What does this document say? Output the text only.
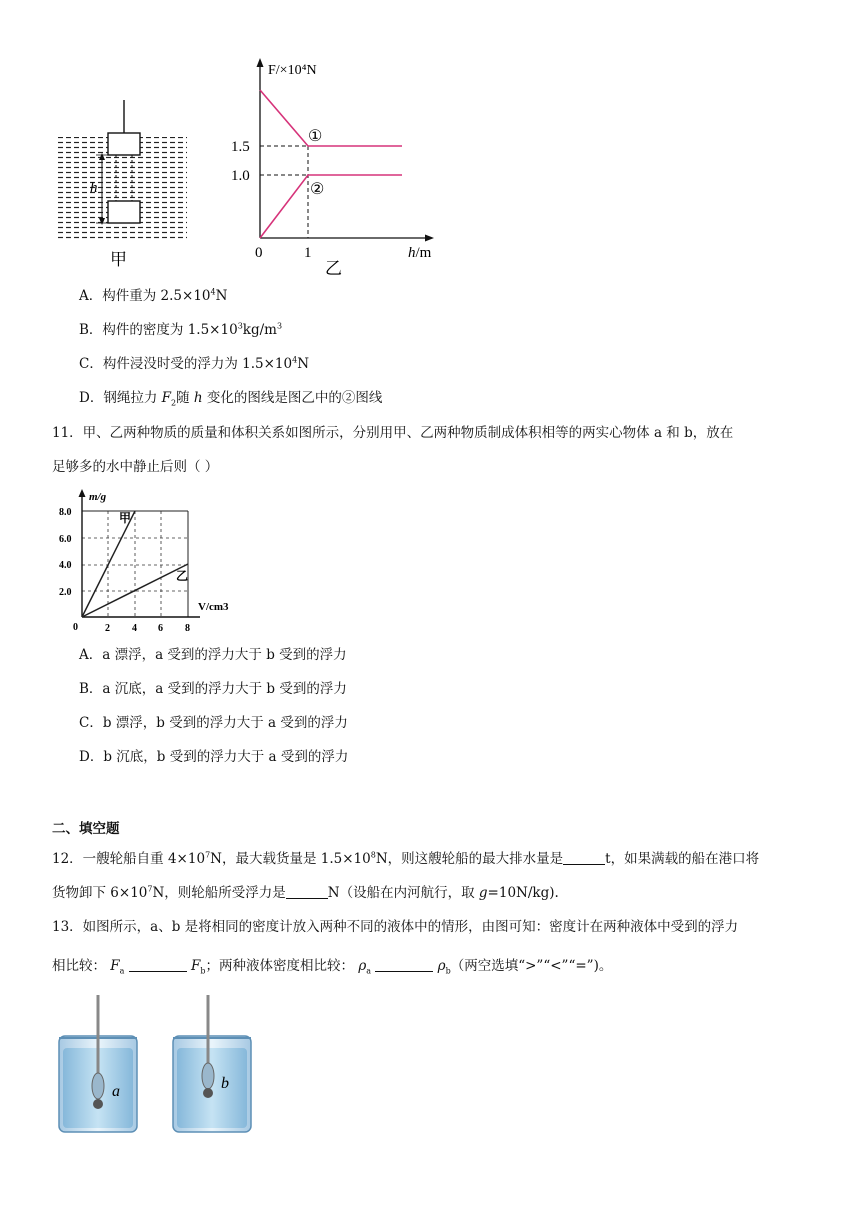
h
甲
F/×10⁴N
1.5
1.0
0	1	h/m
①
②
乙
A．构件重为 $2.5\times 10^4N$
B．构件的密度为 $1.5\times 10^3kg/m^3$
C．构件浸没时受的浮力为 $1.5\times 10^4N$
D．钢绳拉力 $F_2$随 h 变化的图线是图乙中的②图线
11．甲、乙两种物质的质量和体积关系如图所示，分别用甲、乙两种物质制成体积相等的两实心物体 a 和 b，放在
足够多的水中静止后则（ ）
m/g
8.0
6.0
4.0
2.0
0	2 4 6 8
V/cm3
甲
乙
A．a 漂浮，a 受到的浮力大于 b 受到的浮力
B．a 沉底，a 受到的浮力大于 b 受到的浮力
C．b 漂浮，b 受到的浮力大于 a 受到的浮力
D．b 沉底，b 受到的浮力大于 a 受到的浮力
二、填空题
12．一艘轮船自重 $4\times 10^7N$，最大载货量是 $1.5\times 10^8N$，则这艘轮船的最大排水量是	t，如果满载的船在港口将
货物卸下 $6\times 10^7N$，则轮船所受浮力是	N（设船在内河航行，取 g=10N/kg).
13．如图所示，a、b 是将相同的密度计放入两种不同的液体中的情形，由图可知：密度计在两种液体中受到的浮力
相比较： $F_a$	$F_b$；两种液体密度相比较： $\rho_a$	$\rho_b$（两空选填“>”“<”“=”)。
a	b
